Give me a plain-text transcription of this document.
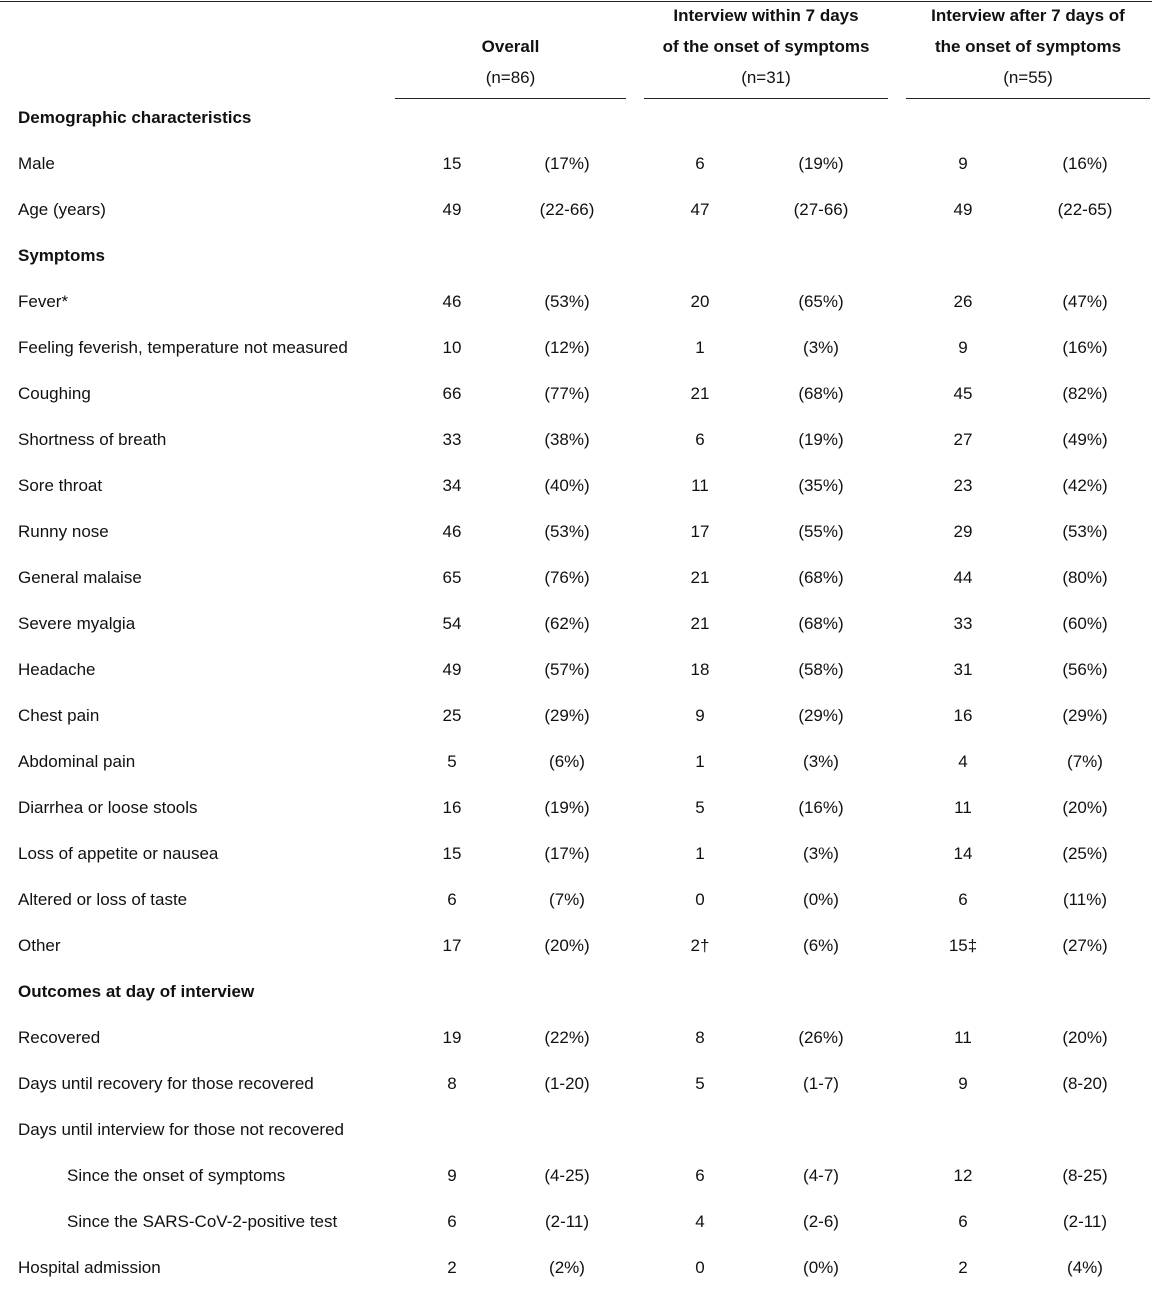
Overall
(n=86)
Interview within 7 days
of the onset of symptoms
(n=31)
Interview after 7 days of
the onset of symptoms
(n=55)
Demographic characteristics
Male	15	(17%)	6	(19%)	9	(16%)
Age (years)	49	(22-66)	47	(27-66)	49	(22-65)
Symptoms
Fever*	46	(53%)	20	(65%)	26	(47%)
Feeling feverish, temperature not measured	10	(12%)	1	(3%)	9	(16%)
Coughing	66	(77%)	21	(68%)	45	(82%)
Shortness of breath	33	(38%)	6	(19%)	27	(49%)
Sore throat	34	(40%)	11	(35%)	23	(42%)
Runny nose	46	(53%)	17	(55%)	29	(53%)
General malaise	65	(76%)	21	(68%)	44	(80%)
Severe myalgia	54	(62%)	21	(68%)	33	(60%)
Headache	49	(57%)	18	(58%)	31	(56%)
Chest pain	25	(29%)	9	(29%)	16	(29%)
Abdominal pain	5	(6%)	1	(3%)	4	(7%)
Diarrhea or loose stools	16	(19%)	5	(16%)	11	(20%)
Loss of appetite or nausea	15	(17%)	1	(3%)	14	(25%)
Altered or loss of taste	6	(7%)	0	(0%)	6	(11%)
Other	17	(20%)	2†	(6%)	15‡	(27%)
Outcomes at day of interview
Recovered	19	(22%)	8	(26%)	11	(20%)
Days until recovery for those recovered	8	(1-20)	5	(1-7)	9	(8-20)
Days until interview for those not recovered
Since the onset of symptoms	9	(4-25)	6	(4-7)	12	(8-25)
Since the SARS-CoV-2-positive test	6	(2-11)	4	(2-6)	6	(2-11)
Hospital admission	2	(2%)	0	(0%)	2	(4%)
